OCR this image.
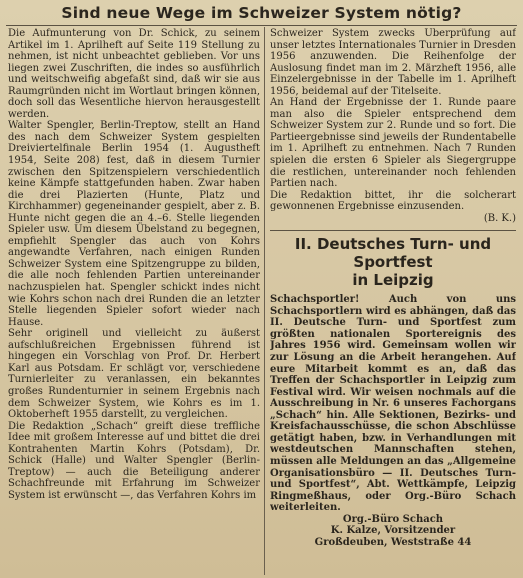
Sind neue Wege im Schweizer System nötig?

Die Aufmunterung von Dr. Schick, zu seinem Artikel im 1. Aprilheft auf Seite 119 Stellung zu nehmen, ist nicht unbeachtet geblieben. Vor uns liegen zwei Zuschriften, die indes so ausführlich und weitschweifig abgefaßt sind, daß wir sie aus Raumgründen nicht im Wortlaut bringen können, doch soll das Wesentliche hiervon herausgestellt werden.

Walter Spengler, Berlin-Treptow, stellt an Hand des nach dem Schweizer System gespielten Dreiviertelfinale Berlin 1954 (1. Augustheft 1954, Seite 208) fest, daß in diesem Turnier zwischen den Spitzenspielern verschiedentlich keine Kämpfe stattgefunden haben. Zwar haben die drei Plazierten (Hunte, Platz und Kirchhammer) gegeneinander gespielt, aber z. B. Hunte nicht gegen die an 4.–6. Stelle liegenden Spieler usw. Um diesem Übelstand zu begegnen, empfiehlt Spengler das auch von Kohrs angewandte Verfahren, nach einigen Runden Schweizer System eine Spitzengruppe zu bilden, die alle noch fehlenden Partien untereinander nachzuspielen hat. Spengler schickt indes nicht wie Kohrs schon nach drei Runden die an letzter Stelle liegenden Spieler sofort wieder nach Hause.

Sehr originell und vielleicht zu äußerst aufschlußreichen Ergebnissen führend ist hingegen ein Vorschlag von Prof. Dr. Herbert Karl aus Potsdam. Er schlägt vor, verschiedene Turnierleiter zu veranlassen, ein bekanntes großes Rundenturnier in seinem Ergebnis nach dem Schweizer System, wie Kohrs es im 1. Oktoberheft 1955 darstellt, zu vergleichen.

Die Redaktion „Schach“ greift diese treffliche Idee mit großem Interesse auf und bittet die drei Kontrahenten Martin Kohrs (Potsdam), Dr. Schick (Halle) und Walter Spengler (Berlin-Treptow) — auch die Beteiligung anderer Schachfreunde mit Erfahrung im Schweizer System ist erwünscht —, das Verfahren Kohrs im

Schweizer System zwecks Überprüfung auf unser letztes Internationales Turnier in Dresden 1956 anzuwenden. Die Reihenfolge der Auslosung findet man im 2. Märzheft 1956, alle Einzelergebnisse in der Tabelle im 1. Aprilheft 1956, beidemal auf der Titelseite.

An Hand der Ergebnisse der 1. Runde paare man also die Spieler entsprechend dem Schweizer System zur 2. Runde und so fort. Die Partieergebnisse sind jeweils der Rundentabelle im 1. Aprilheft zu entnehmen. Nach 7 Runden spielen die ersten 6 Spieler als Siegergruppe die restlichen, untereinander noch fehlenden Partien nach.

Die Redaktion bittet, ihr die solcherart gewonnenen Ergebnisse einzusenden.

(B. K.)

II. Deutsches Turn- und Sportfest
in Leipzig

Schachsportler! Auch von uns Schachsportlern wird es abhängen, daß das II. Deutsche Turn- und Sportfest zum größten nationalen Sportereignis des Jahres 1956 wird. Gemeinsam wollen wir zur Lösung an die Arbeit herangehen. Auf eure Mitarbeit kommt es an, daß das Treffen der Schachsportler in Leipzig zum Festival wird. Wir weisen nochmals auf die Ausschreibung in Nr. 6 unseres Fachorgans „Schach“ hin. Alle Sektionen, Bezirks- und Kreisfachausschüsse, die schon Abschlüsse getätigt haben, bzw. in Verhandlungen mit westdeutschen Mannschaften stehen, müssen alle Meldungen an das „Allgemeine Organisationsbüro — II. Deutsches Turn- und Sportfest“, Abt. Wettkämpfe, Leipzig Ringmeßhaus, oder Org.-Büro Schach weiterleiten.

Org.-Büro Schach

K. Kalze, Vorsitzender

Großdeuben, Weststraße 44
